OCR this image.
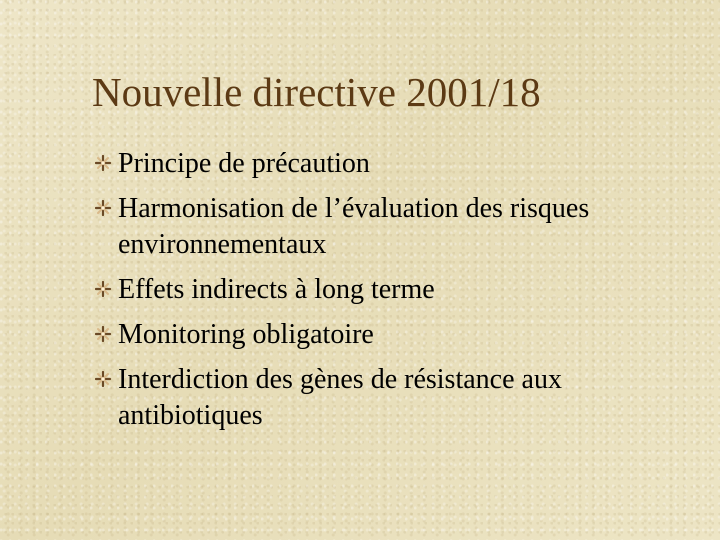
Nouvelle directive 2001/18
Principe de précaution
Harmonisation de l’évaluation des risques environnementaux
Effets indirects à long terme
Monitoring obligatoire
Interdiction des gènes de résistance aux antibiotiques
